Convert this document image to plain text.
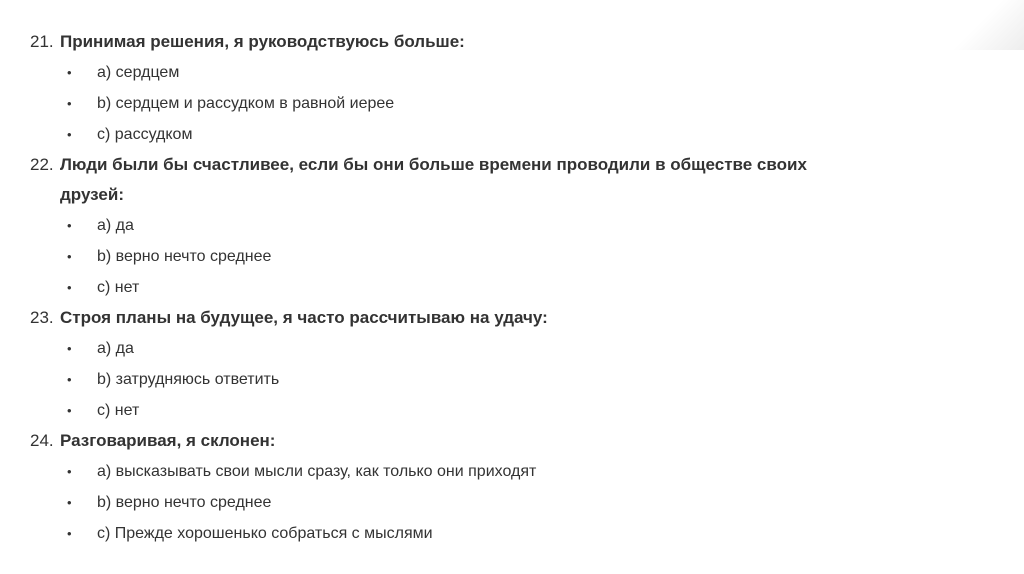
21. Принимая решения, я руководствуюсь больше:
•	a) сердцем
•	b) сердцем и рассудком в равной иерее
•	c) рассудком
22. Люди были бы счастливее, если бы они больше времени проводили в обществе своих друзей:
•	a) да
•	b) верно нечто среднее
•	c) нет
23. Строя планы на будущее, я часто рассчитываю на удачу:
•	a) да
•	b) затрудняюсь ответить
•	c) нет
24. Разговаривая, я склонен:
•	a) высказывать свои мысли сразу, как только они приходят
•	b) верно нечто среднее
•	c) Прежде хорошенько собраться с мыслями
